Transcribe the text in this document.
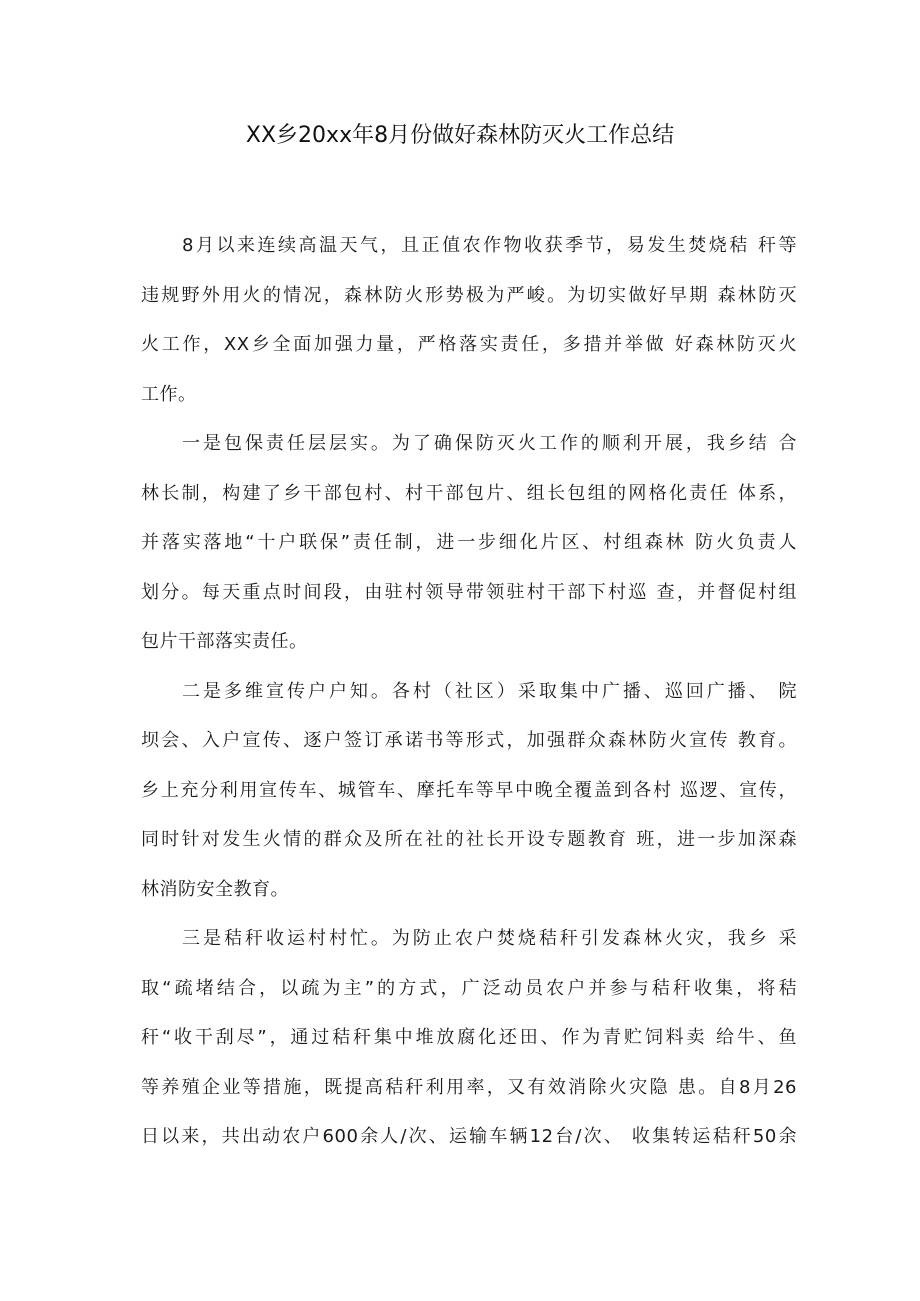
XX乡20xx年8月份做好森林防灭火工作总结
8月以来连续高温天气，且正值农作物收获季节，易发生焚烧秸 秆等
违规野外用火的情况，森林防火形势极为严峻。为切实做好早期 森林防灭
火工作，XX乡全面加强力量，严格落实责任，多措并举做 好森林防灭火
工作。
一是包保责任层层实。为了确保防灭火工作的顺利开展，我乡结 合
林长制，构建了乡干部包村、村干部包片、组长包组的网格化责任 体系，
并落实落地“十户联保”责任制，进一步细化片区、村组森林 防火负责人
划分。每天重点时间段，由驻村领导带领驻村干部下村巡 查，并督促村组
包片干部落实责任。
二是多维宣传户户知。各村（社区）采取集中广播、巡回广播、 院
坝会、入户宣传、逐户签订承诺书等形式，加强群众森林防火宣传 教育。
乡上充分利用宣传车、城管车、摩托车等早中晚全覆盖到各村 巡逻、宣传，
同时针对发生火情的群众及所在社的社长开设专题教育 班，进一步加深森
林消防安全教育。
三是秸秆收运村村忙。为防止农户焚烧秸秆引发森林火灾，我乡 采
取“疏堵结合，以疏为主”的方式，广泛动员农户并参与秸秆收集，将秸
秆“收干刮尽”，通过秸秆集中堆放腐化还田、作为青贮饲料卖 给牛、鱼
等养殖企业等措施，既提高秸秆利用率，又有效消除火灾隐 患。自8月26
日以来，共出动农户600余人/次、运输车辆12台/次、 收集转运秸秆50余
